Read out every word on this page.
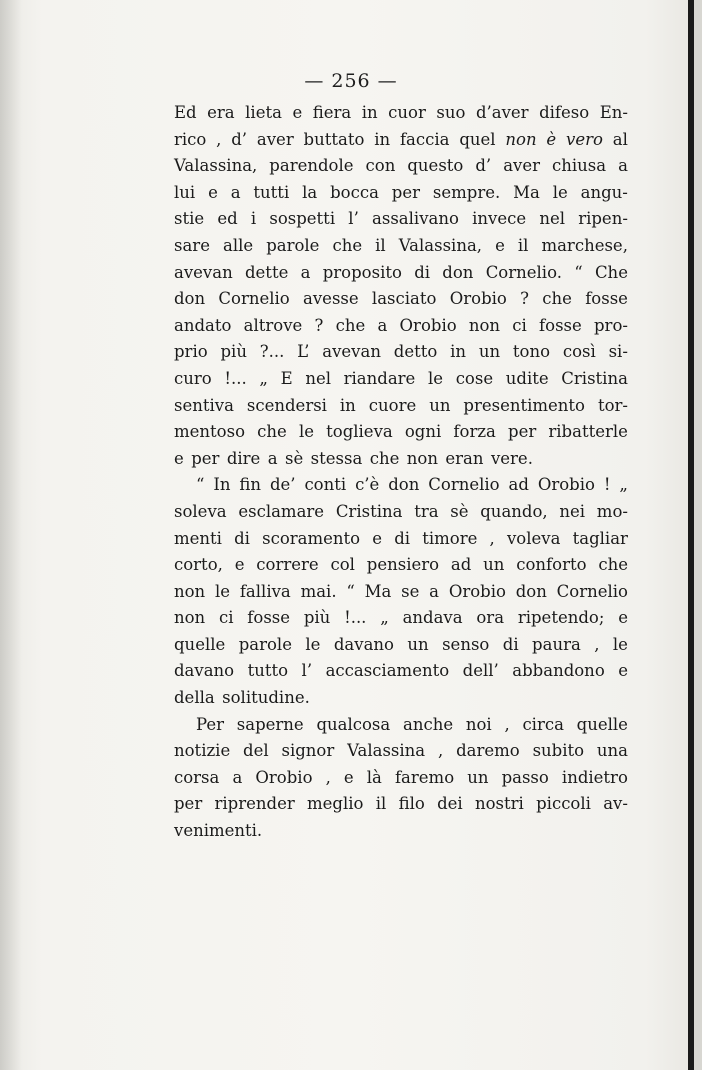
— 256 —
Ed era lieta e fiera in cuor suo d’aver difeso En-
rico , d’ aver buttato in faccia quel non è vero al
Valassina, parendole con questo d’ aver chiusa a
lui e a tutti la bocca per sempre. Ma le angu-
stie ed i sospetti l’ assalivano invece nel ripen-
sare alle parole che il Valassina, e il marchese,
avevan dette a proposito di don Cornelio. “ Che
don Cornelio avesse lasciato Orobio ? che fosse
andato altrove ? che a Orobio non ci fosse pro-
prio più ?... L’ avevan detto in un tono così si-
curo !... „ E nel riandare le cose udite Cristina
sentiva scendersi in cuore un presentimento tor-
mentoso che le toglieva ogni forza per ribatterle
e per dire a sè stessa che non eran vere.
“ In fin de’ conti c’è don Cornelio ad Orobio ! „
soleva esclamare Cristina tra sè quando, nei mo-
menti di scoramento e di timore , voleva tagliar
corto, e correre col pensiero ad un conforto che
non le falliva mai. “ Ma se a Orobio don Cornelio
non ci fosse più !... „ andava ora ripetendo; e
quelle parole le davano un senso di paura , le
davano tutto l’ accasciamento dell’ abbandono e
della solitudine.
Per saperne qualcosa anche noi , circa quelle
notizie del signor Valassina , daremo subito una
corsa a Orobio , e là faremo un passo indietro
per riprender meglio il filo dei nostri piccoli av-
venimenti.
